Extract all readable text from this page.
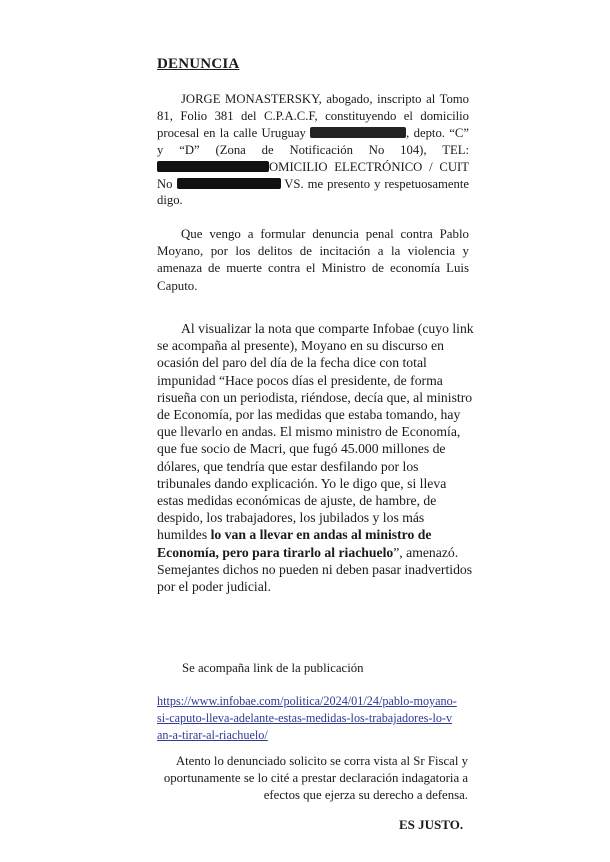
DENUNCIA

JORGE MONASTERSKY, abogado, inscripto al Tomo 81, Folio 381 del C.P.A.C.F, constituyendo el domicilio procesal en la calle Uruguay	, depto. “C” y “D” (Zona de Notificación No 104), TEL: OMICILIO ELECTRÓNICO / CUIT No	VS. me presento y respetuosamente digo.

Que vengo a formular denuncia penal contra Pablo Moyano, por los delitos de incitación a la violencia y amenaza de muerte contra el Ministro de economía Luis Caputo.

Al visualizar la nota que comparte Infobae (cuyo link se acompaña al presente), Moyano en su discurso en ocasión del paro del día de la fecha dice con total impunidad “Hace pocos días el presidente, de forma risueña con un periodista, riéndose, decía que, al ministro de Economía, por las medidas que estaba tomando, hay que llevarlo en andas. El mismo ministro de Economía, que fue socio de Macri, que fugó 45.000 millones de dólares, que tendría que estar desfilando por los tribunales dando explicación. Yo le digo que, si lleva estas medidas económicas de ajuste, de hambre, de despido, los trabajadores, los jubilados y los más humildes lo van a llevar en andas al ministro de Economía, pero para tirarlo al riachuelo”, amenazó. Semejantes dichos no pueden ni deben pasar inadvertidos por el poder judicial.

Se acompaña link de la publicación
https://www.infobae.com/politica/2024/01/24/pablo-moyano-si-caputo-lleva-adelante-estas-medidas-los-trabajadores-lo-van-a-tirar-al-riachuelo/

Atento lo denunciado solicito se corra vista al Sr Fiscal y oportunamente se lo cité a prestar declaración indagatoria a efectos que ejerza su derecho a defensa.

ES JUSTO.
